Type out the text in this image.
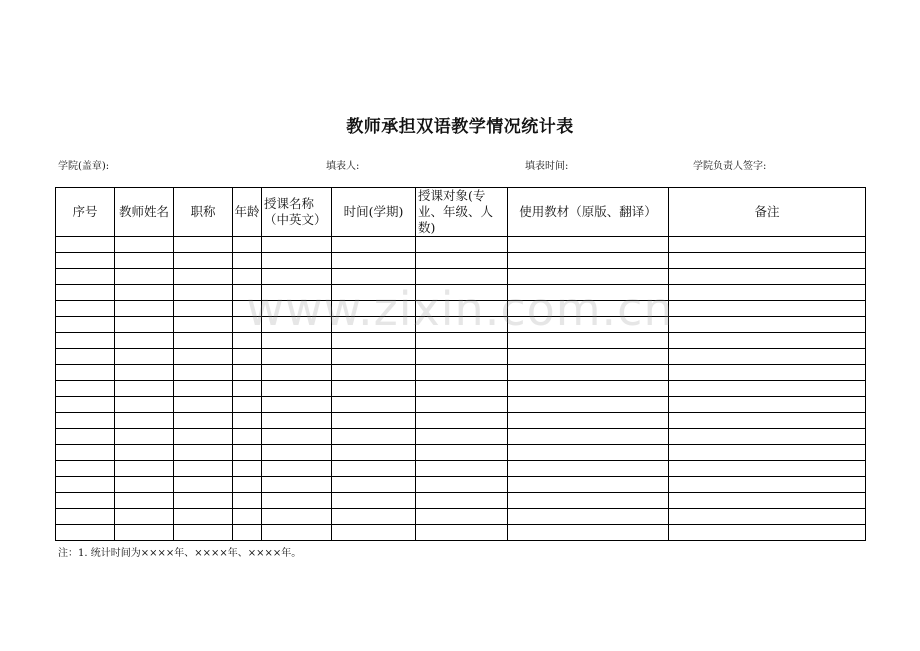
教师承担双语教学情况统计表
学院(盖章):	填表人:	填表时间:	学院负责人签字:
序号	教师姓名	职称	年龄	授课名称（中英文）	时间(学期)	授课对象(专业、年级、人数)	使用教材（原版、翻译）	备注

www.zixin.com.cn
注：1. 统计时间为××××年、××××年、××××年。
